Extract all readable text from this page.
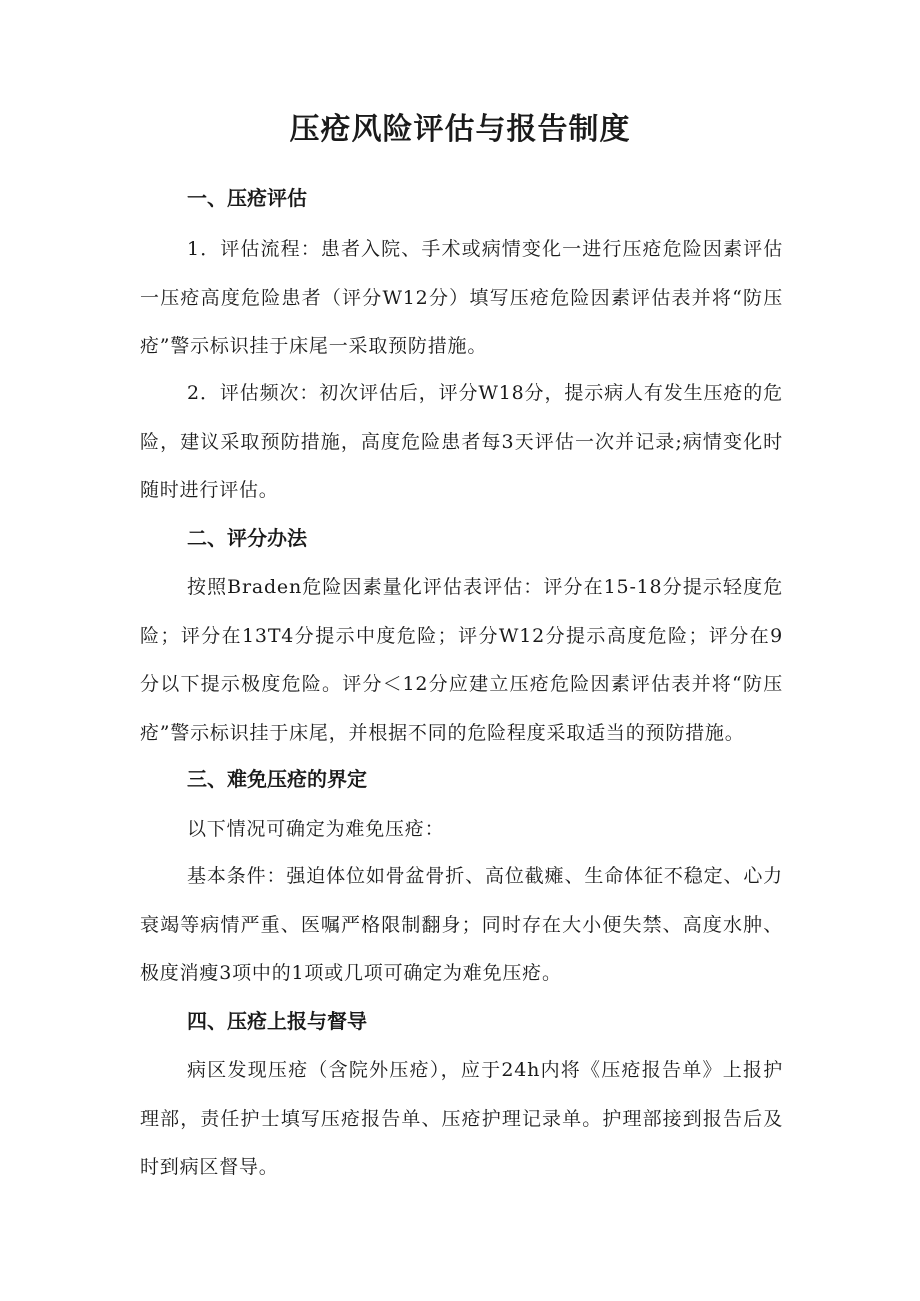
压疮风险评估与报告制度
一、压疮评估

1．评估流程：患者入院、手术或病情变化一进行压疮危险因素评估一压疮高度危险患者（评分W12分）填写压疮危险因素评估表并将“防压疮”警示标识挂于床尾一采取预防措施。

2．评估频次：初次评估后，评分W18分，提示病人有发生压疮的危险，建议采取预防措施，高度危险患者每3天评估一次并记录;病情变化时随时进行评估。

二、评分办法

按照Braden危险因素量化评估表评估：评分在15-18分提示轻度危险；评分在13T4分提示中度危险；评分W12分提示高度危险；评分在9分以下提示极度危险。评分＜12分应建立压疮危险因素评估表并将“防压疮”警示标识挂于床尾，并根据不同的危险程度采取适当的预防措施。

三、难免压疮的界定

以下情况可确定为难免压疮：

基本条件：强迫体位如骨盆骨折、高位截瘫、生命体征不稳定、心力衰竭等病情严重、医嘱严格限制翻身；同时存在大小便失禁、高度水肿、极度消瘦3项中的1项或几项可确定为难免压疮。

四、压疮上报与督导

病区发现压疮（含院外压疮），应于24h内将《压疮报告单》上报护理部，责任护士填写压疮报告单、压疮护理记录单。护理部接到报告后及时到病区督导。
